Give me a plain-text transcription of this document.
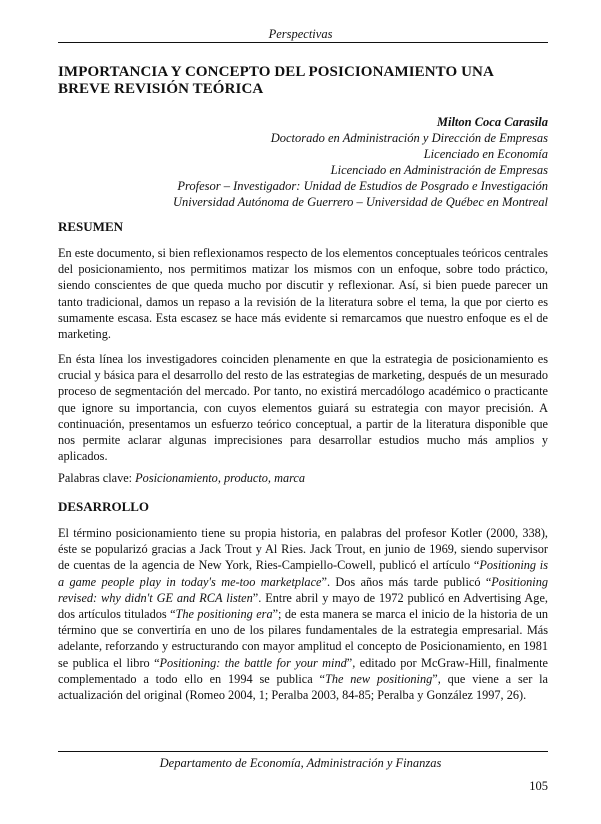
Perspectivas
IMPORTANCIA Y CONCEPTO DEL POSICIONAMIENTO UNA
BREVE REVISIÓN TEÓRICA
Milton Coca Carasila
Doctorado en Administración y Dirección de Empresas
Licenciado en Economía
Licenciado en Administración de Empresas
Profesor – Investigador: Unidad de Estudios de Posgrado e Investigación
Universidad Autónoma de Guerrero – Universidad de Québec en Montreal
RESUMEN

En este documento, si bien reflexionamos respecto de los elementos conceptuales teóricos centrales del posicionamiento, nos permitimos matizar los mismos con un enfoque, sobre todo práctico, siendo conscientes de que queda mucho por discutir y reflexionar. Así, si bien puede parecer un tanto tradicional, damos un repaso a la revisión de la literatura sobre el tema, la que por cierto es sumamente escasa. Esta escasez se hace más evidente si remarcamos que nuestro enfoque es el de marketing.

En ésta línea los investigadores coinciden plenamente en que la estrategia de posicionamiento es crucial y básica para el desarrollo del resto de las estrategias de marketing, después de un mesurado proceso de segmentación del mercado. Por tanto, no existirá mercadólogo académico o practicante que ignore su importancia, con cuyos elementos guiará su estrategia con mayor precisión. A continuación, presentamos un esfuerzo teórico conceptual, a partir de la literatura disponible que nos permite aclarar algunas imprecisiones para desarrollar estudios mucho más amplios y aplicados.

Palabras clave: Posicionamiento, producto, marca

DESARROLLO

El término posicionamiento tiene su propia historia, en palabras del profesor Kotler (2000, 338), éste se popularizó gracias a Jack Trout y Al Ries. Jack Trout, en junio de 1969, siendo supervisor de cuentas de la agencia de New York, Ries-Campiello-Cowell, publicó el artículo “Positioning is a game people play in today's me-too marketplace”. Dos años más tarde publicó “Positioning revised: why didn't GE and RCA listen”. Entre abril y mayo de 1972 publicó en Advertising Age, dos artículos titulados “The positioning era”; de esta manera se marca el inicio de la historia de un término que se convertiría en uno de los pilares fundamentales de la estrategia empresarial. Más adelante, reforzando y estructurando con mayor amplitud el concepto de Posicionamiento, en 1981 se publica el libro “Positioning: the battle for your mind”, editado por McGraw-Hill, finalmente complementado a todo ello en 1994 se publica “The new positioning”, que viene a ser la actualización del original (Romeo 2004, 1; Peralba 2003, 84-85; Peralba y González 1997, 26).

Departamento de Economía, Administración y Finanzas
105
